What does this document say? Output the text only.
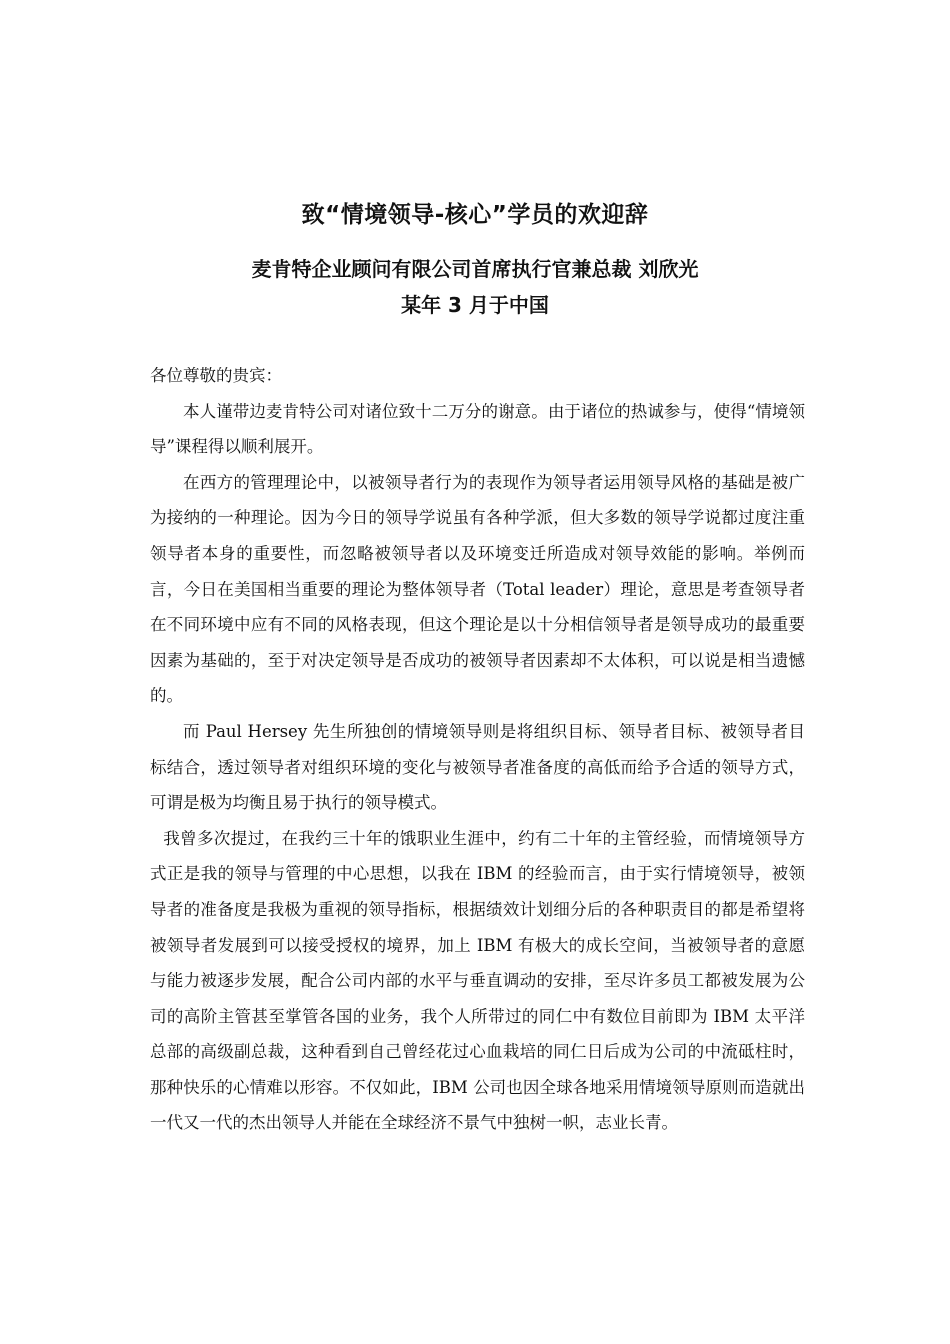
致“情境领导-核心”学员的欢迎辞
麦肯特企业顾问有限公司首席执行官兼总裁 刘欣光
某年 3 月于中国

各位尊敬的贵宾：

本人谨带边麦肯特公司对诸位致十二万分的谢意。由于诸位的热诚参与，使得“情境领导”课程得以顺利展开。

在西方的管理理论中，以被领导者行为的表现作为领导者运用领导风格的基础是被广为接纳的一种理论。因为今日的领导学说虽有各种学派，但大多数的领导学说都过度注重领导者本身的重要性，而忽略被领导者以及环境变迁所造成对领导效能的影响。举例而言，今日在美国相当重要的理论为整体领导者（Total leader）理论，意思是考查领导者在不同环境中应有不同的风格表现，但这个理论是以十分相信领导者是领导成功的最重要因素为基础的，至于对决定领导是否成功的被领导者因素却不太体积，可以说是相当遗憾的。

而 Paul Hersey 先生所独创的情境领导则是将组织目标、领导者目标、被领导者目标结合，透过领导者对组织环境的变化与被领导者准备度的高低而给予合适的领导方式，可谓是极为均衡且易于执行的领导模式。

我曾多次提过，在我约三十年的饿职业生涯中，约有二十年的主管经验，而情境领导方式正是我的领导与管理的中心思想，以我在 IBM 的经验而言，由于实行情境领导，被领导者的准备度是我极为重视的领导指标，根据绩效计划细分后的各种职责目的都是希望将被领导者发展到可以接受授权的境界，加上 IBM 有极大的成长空间，当被领导者的意愿与能力被逐步发展，配合公司内部的水平与垂直调动的安排，至尽许多员工都被发展为公司的高阶主管甚至掌管各国的业务，我个人所带过的同仁中有数位目前即为 IBM 太平洋总部的高级副总裁，这种看到自己曾经花过心血栽培的同仁日后成为公司的中流砥柱时，那种快乐的心情难以形容。不仅如此，IBM 公司也因全球各地采用情境领导原则而造就出一代又一代的杰出领导人并能在全球经济不景气中独树一帜，志业长青。
